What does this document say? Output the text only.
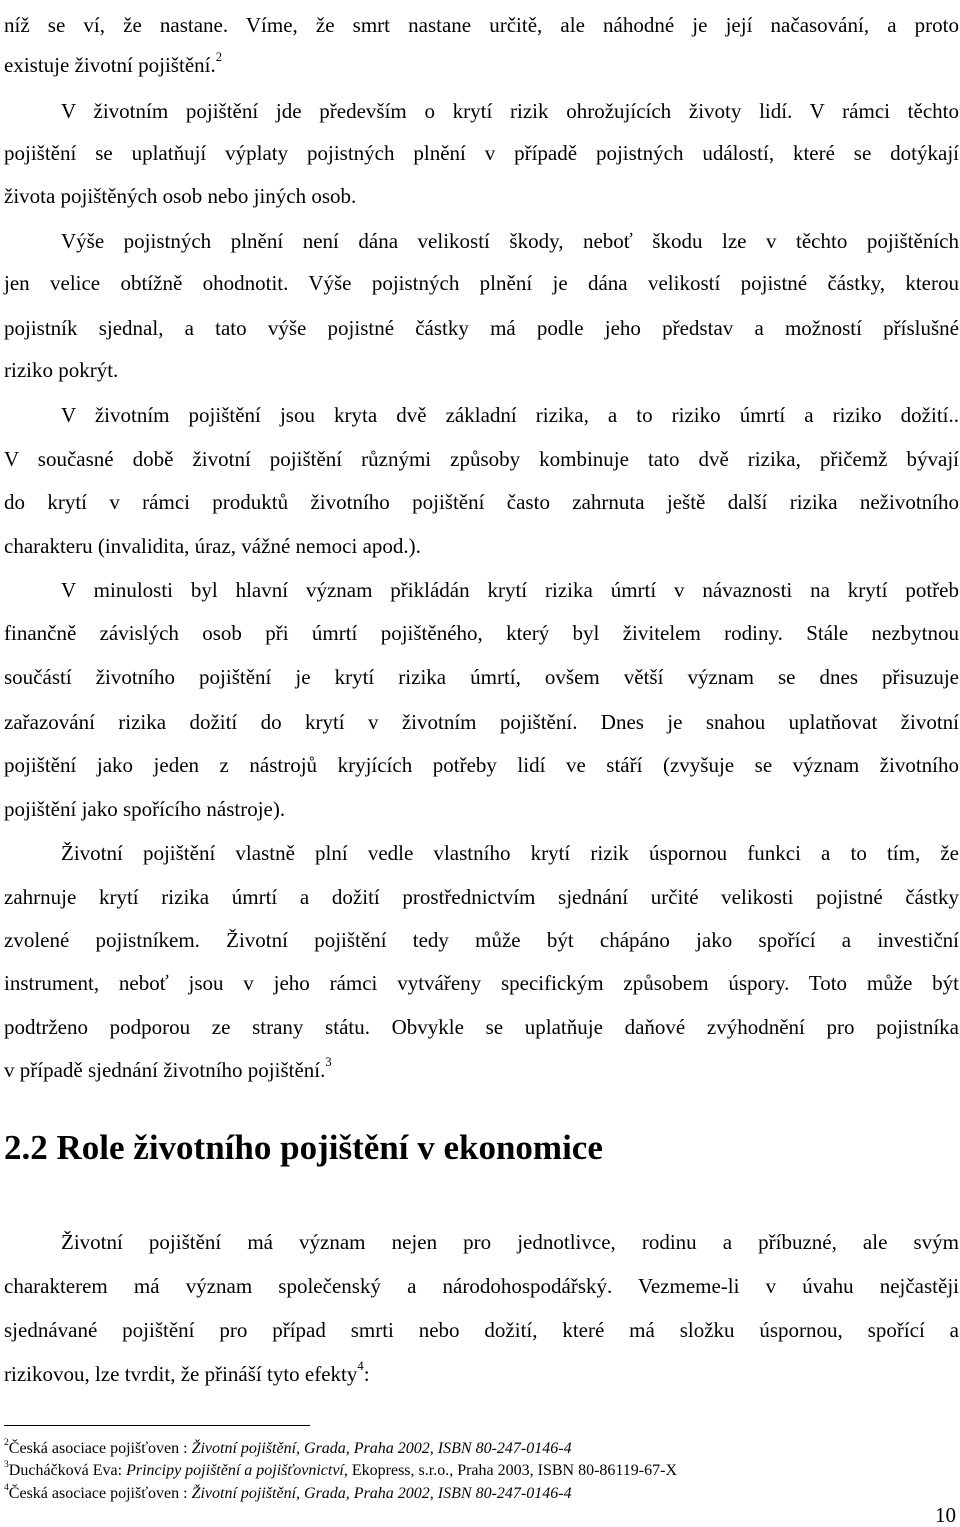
níž se ví, že nastane. Víme, že smrt nastane určitě, ale náhodné je její načasování, a proto
existuje životní pojištění.$^2$
V životním pojištění jde především o krytí rizik ohrožujících životy lidí. V rámci těchto
pojištění se uplatňují výplaty pojistných plnění v případě pojistných událostí, které se dotýkají
života pojištěných osob nebo jiných osob.
Výše pojistných plnění není dána velikostí škody, neboť škodu lze v těchto pojištěních
jen velice obtížně ohodnotit. Výše pojistných plnění je dána velikostí pojistné částky, kterou
pojistník sjednal, a tato výše pojistné částky má podle jeho představ a možností příslušné
riziko pokrýt.
V životním pojištění jsou kryta dvě základní rizika, a to riziko úmrtí a riziko dožití..
V současné době životní pojištění různými způsoby kombinuje tato dvě rizika, přičemž bývají
do krytí v rámci produktů životního pojištění často zahrnuta ještě další rizika neživotního
charakteru (invalidita, úraz, vážné nemoci apod.).
V minulosti byl hlavní význam přikládán krytí rizika úmrtí v návaznosti na krytí potřeb
finančně závislých osob při úmrtí pojištěného, který byl živitelem rodiny. Stále nezbytnou
součástí životního pojištění je krytí rizika úmrtí, ovšem větší význam se dnes přisuzuje
zařazování rizika dožití do krytí v životním pojištění. Dnes je snahou uplatňovat životní
pojištění jako jeden z nástrojů kryjících potřeby lidí ve stáří (zvyšuje se význam životního
pojištění jako spořícího nástroje).
Životní pojištění vlastně plní vedle vlastního krytí rizik úspornou funkci a to tím, že
zahrnuje krytí rizika úmrtí a dožití prostřednictvím sjednání určité velikosti pojistné částky
zvolené pojistníkem. Životní pojištění tedy může být chápáno jako spořící a investiční
instrument, neboť jsou v jeho rámci vytvářeny specifickým způsobem úspory. Toto může být
podtrženo podporou ze strany státu. Obvykle se uplatňuje daňové zvýhodnění pro pojistníka
v případě sjednání životního pojištění.$^3$
2.2 Role životního pojištění v ekonomice
Životní pojištění má význam nejen pro jednotlivce, rodinu a příbuzné, ale svým
charakterem má význam společenský a národohospodářský. Vezmeme-li v úvahu nejčastěji
sjednávané pojištění pro případ smrti nebo dožití, které má složku úspornou, spořící a
rizikovou, lze tvrdit, že přináší tyto efekty$^4$:
$^2$Česká asociace pojišťoven : Životní pojištění, Grada, Praha 2002, ISBN 80-247-0146-4
$^3$Ducháčková Eva: Principy pojištění a pojišťovnictví, Ekopress, s.r.o., Praha 2003, ISBN 80-86119-67-X
$^4$Česká asociace pojišťoven : Životní pojištění, Grada, Praha 2002, ISBN 80-247-0146-4
10
